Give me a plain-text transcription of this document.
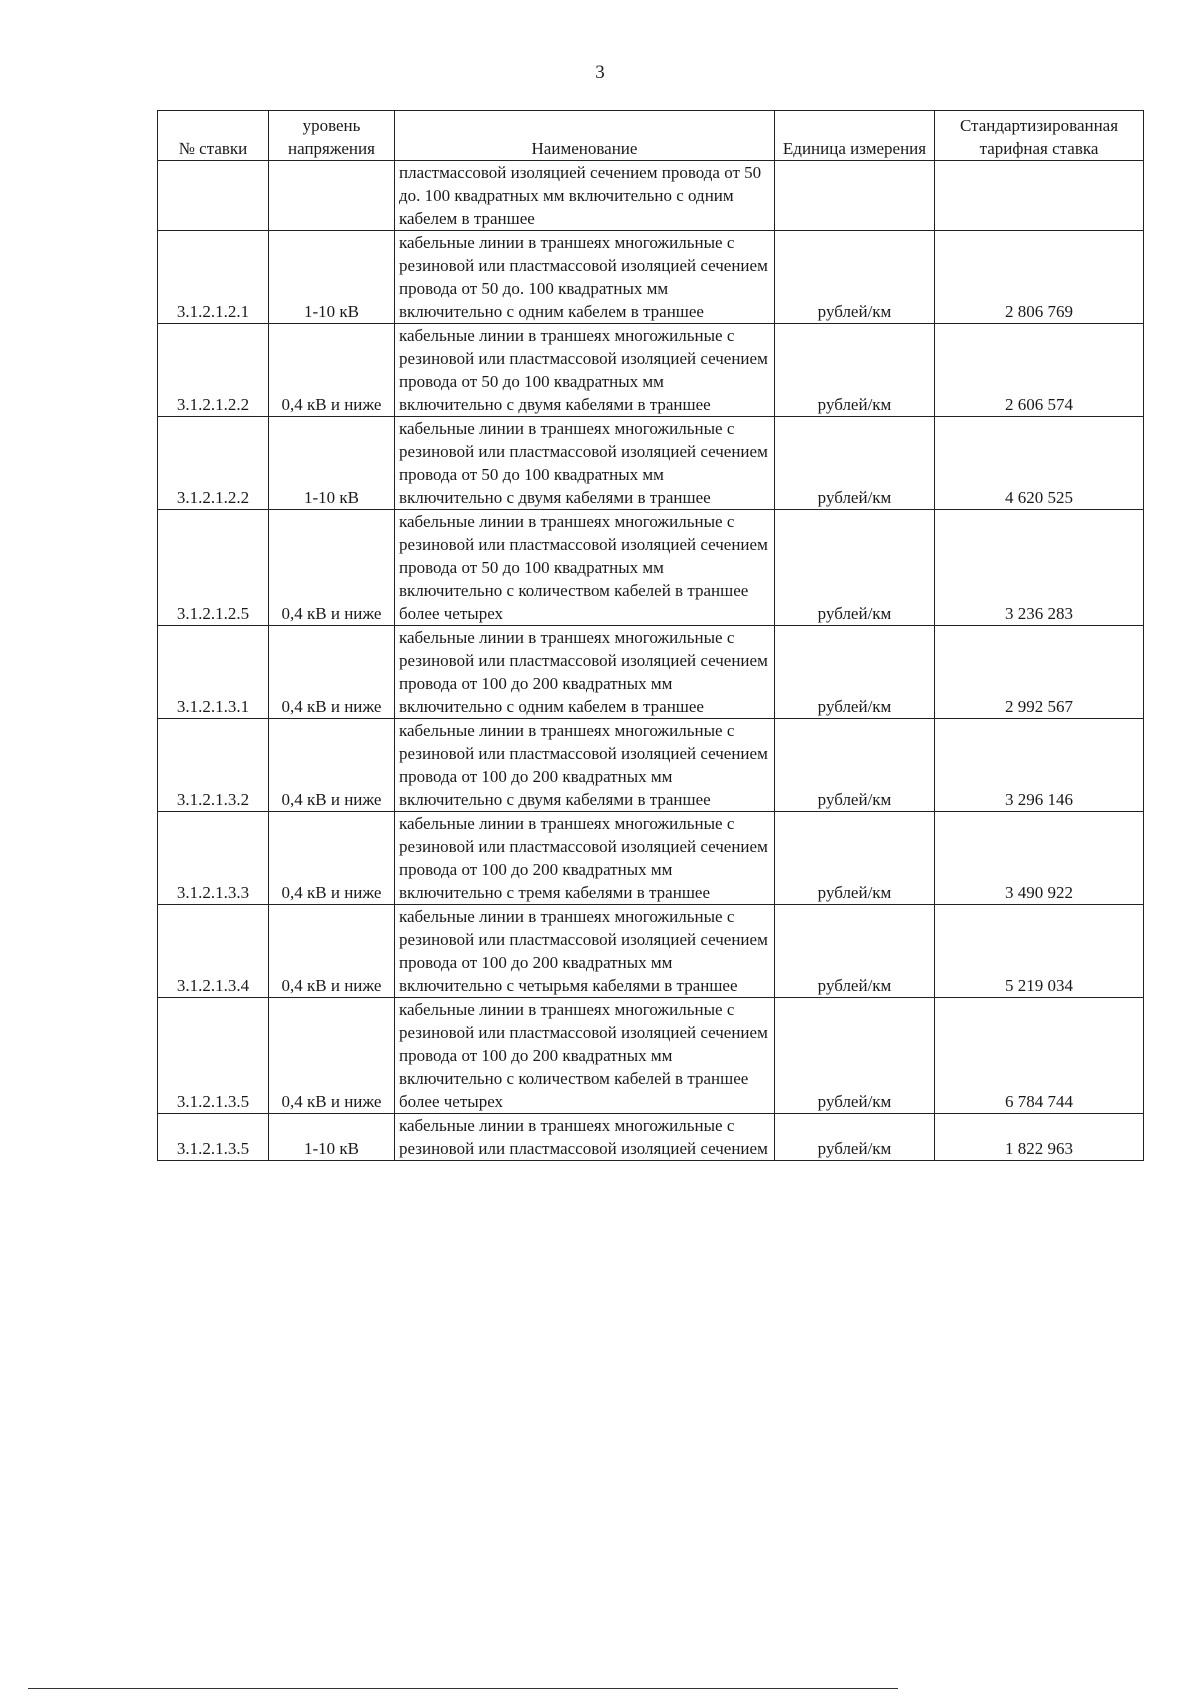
3
№ ставки	уровень напряжения	Наименование	Единица измерения	Стандартизированная тарифная ставка
		пластмассовой изоляцией сечением провода от 50 до. 100 квадратных мм включительно с одним кабелем в траншее		
3.1.2.1.2.1	1-10 кВ	кабельные линии в траншеях многожильные с резиновой или пластмассовой изоляцией сечением провода от 50 до. 100 квадратных мм включительно с одним кабелем в траншее	рублей/км	2 806 769
3.1.2.1.2.2	0,4 кВ и ниже	кабельные линии в траншеях многожильные с резиновой или пластмассовой изоляцией сечением провода от 50 до 100 квадратных мм включительно с двумя кабелями в траншее	рублей/км	2 606 574
3.1.2.1.2.2	1-10 кВ	кабельные линии в траншеях многожильные с резиновой или пластмассовой изоляцией сечением провода от 50 до 100 квадратных мм включительно с двумя кабелями в траншее	рублей/км	4 620 525
3.1.2.1.2.5	0,4 кВ и ниже	кабельные линии в траншеях многожильные с резиновой или пластмассовой изоляцией сечением провода от 50 до 100 квадратных мм включительно с количеством кабелей в траншее более четырех	рублей/км	3 236 283
3.1.2.1.3.1	0,4 кВ и ниже	кабельные линии в траншеях многожильные с резиновой или пластмассовой изоляцией сечением провода от 100 до 200 квадратных мм включительно с одним кабелем в траншее	рублей/км	2 992 567
3.1.2.1.3.2	0,4 кВ и ниже	кабельные линии в траншеях многожильные с резиновой или пластмассовой изоляцией сечением провода от 100 до 200 квадратных мм включительно с двумя кабелями в траншее	рублей/км	3 296 146
3.1.2.1.3.3	0,4 кВ и ниже	кабельные линии в траншеях многожильные с резиновой или пластмассовой изоляцией сечением провода от 100 до 200 квадратных мм включительно с тремя кабелями в траншее	рублей/км	3 490 922
3.1.2.1.3.4	0,4 кВ и ниже	кабельные линии в траншеях многожильные с резиновой или пластмассовой изоляцией сечением провода от 100 до 200 квадратных мм включительно с четырьмя кабелями в траншее	рублей/км	5 219 034
3.1.2.1.3.5	0,4 кВ и ниже	кабельные линии в траншеях многожильные с резиновой или пластмассовой изоляцией сечением провода от 100 до 200 квадратных мм включительно с количеством кабелей в траншее более четырех	рублей/км	6 784 744
3.1.2.1.3.5	1-10 кВ	кабельные линии в траншеях многожильные с резиновой или пластмассовой изоляцией сечением	рублей/км	1 822 963
